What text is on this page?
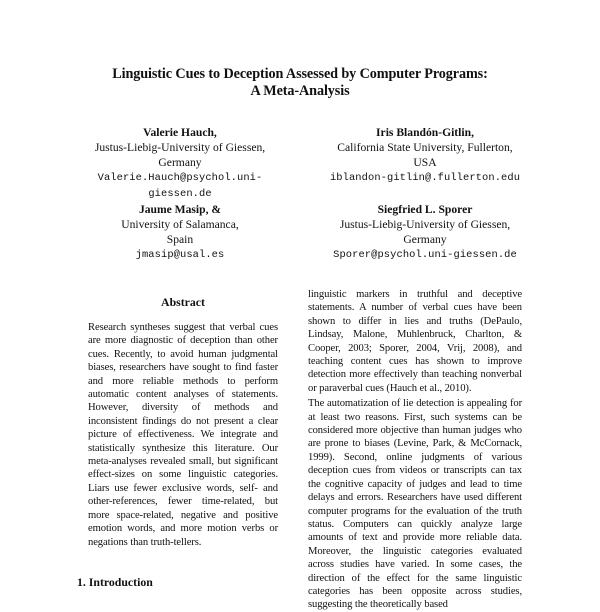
Linguistic Cues to Deception Assessed by Computer Programs:
A Meta-Analysis
Valerie Hauch,
Justus-Liebig-University of Giessen,
Germany
Valerie.Hauch@psychol.uni-
giessen.de
Iris Blandón-Gitlin,
California State University, Fullerton,
USA
iblandon-gitlin@.fullerton.edu
Jaume Masip, &
University of Salamanca,
Spain
jmasip@usal.es
Siegfried L. Sporer
Justus-Liebig-University of Giessen,
Germany
Sporer@psychol.uni-giessen.de
Abstract
Research syntheses suggest that verbal cues are more diagnostic of deception than other cues. Recently, to avoid human judgmental biases, researchers have sought to find faster and more reliable methods to perform automatic content analyses of statements. However, diversity of methods and inconsistent findings do not present a clear picture of effectiveness. We integrate and statistically synthesize this literature. Our meta-analyses revealed small, but significant effect-sizes on some linguistic categories. Liars use fewer exclusive words, self- and other-references, fewer time-related, but more space-related, negative and positive emotion words, and more motion verbs or negations than truth-tellers.
1. Introduction

linguistic markers in truthful and deceptive statements. A number of verbal cues have been shown to differ in lies and truths (DePaulo, Lindsay, Malone, Muhlenbruck, Charlton, & Cooper, 2003; Sporer, 2004, Vrij, 2008), and teaching content cues has shown to improve detection more effectively than teaching nonverbal or paraverbal cues (Hauch et al., 2010).

The automatization of lie detection is appealing for at least two reasons. First, such systems can be considered more objective than human judges who are prone to biases (Levine, Park, & McCornack, 1999). Second, online judgments of various deception cues from videos or transcripts can tax the cognitive capacity of judges and lead to time delays and errors. Researchers have used different computer programs for the evaluation of the truth status. Computers can quickly analyze large amounts of text and provide more reliable data. Moreover, the linguistic categories evaluated across studies have varied. In some cases, the direction of the effect for the same linguistic categories has been opposite across studies, suggesting the theoretically based
